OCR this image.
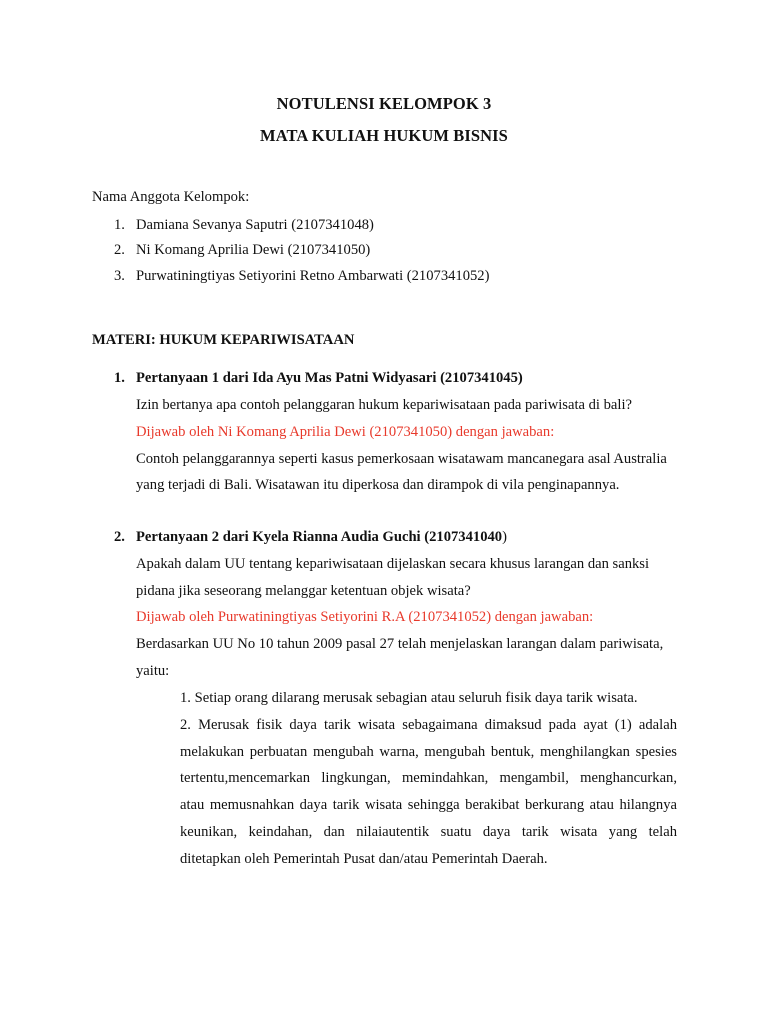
NOTULENSI KELOMPOK 3
MATA KULIAH HUKUM BISNIS
Nama Anggota Kelompok:
1. Damiana Sevanya Saputri (2107341048)
2. Ni Komang Aprilia Dewi (2107341050)
3. Purwatiningtiyas Setiyorini Retno Ambarwati (2107341052)
MATERI: HUKUM KEPARIWISATAAN
1. Pertanyaan 1 dari Ida Ayu Mas Patni Widyasari (2107341045)
Izin bertanya apa contoh pelanggaran hukum kepariwisataan pada pariwisata di bali?
Dijawab oleh Ni Komang Aprilia Dewi (2107341050) dengan jawaban:
Contoh pelanggarannya seperti kasus pemerkosaan wisatawam mancanegara asal Australia
yang terjadi di Bali. Wisatawan itu diperkosa dan dirampok di vila penginapannya.
2. Pertanyaan 2 dari Kyela Rianna Audia Guchi (2107341040)
Apakah dalam UU tentang kepariwisataan dijelaskan secara khusus larangan dan sanksi
pidana jika seseorang melanggar ketentuan objek wisata?
Dijawab oleh Purwatiningtiyas Setiyorini R.A (2107341052) dengan jawaban:
Berdasarkan UU No 10 tahun 2009 pasal 27 telah menjelaskan larangan dalam pariwisata,
yaitu:
1. Setiap orang dilarang merusak sebagian atau seluruh fisik daya tarik wisata.
2. Merusak fisik daya tarik wisata sebagaimana dimaksud pada ayat (1) adalah
melakukan perbuatan mengubah warna, mengubah bentuk, menghilangkan spesies
tertentu,mencemarkan lingkungan, memindahkan, mengambil, menghancurkan,
atau memusnahkan daya tarik wisata sehingga berakibat berkurang atau hilangnya
keunikan, keindahan, dan nilaiautentik suatu daya tarik wisata yang telah
ditetapkan oleh Pemerintah Pusat dan/atau Pemerintah Daerah.
